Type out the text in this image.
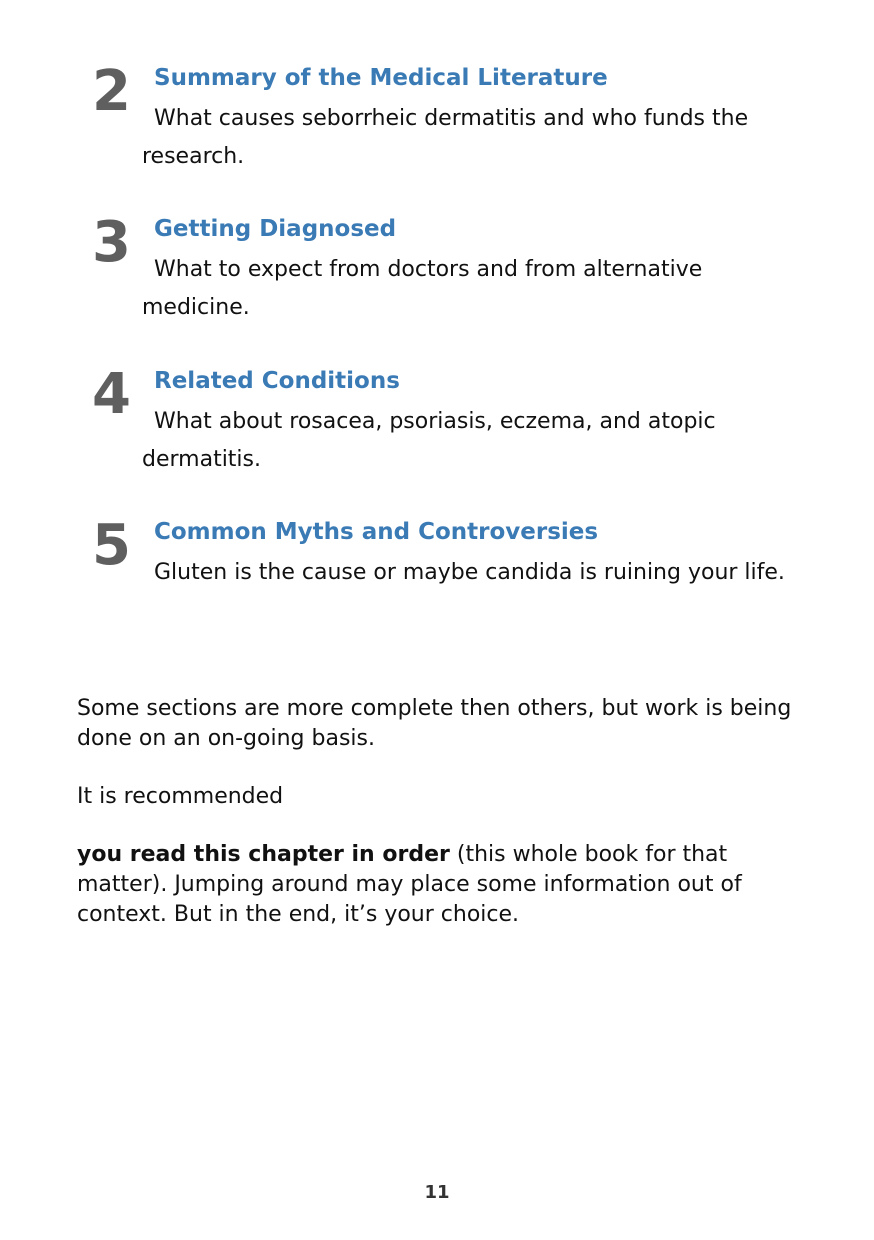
2 Summary of the Medical Literature
What causes seborrheic dermatitis and who funds the research.
3 Getting Diagnosed
What to expect from doctors and from alternative medicine.
4 Related Conditions
What about rosacea, psoriasis, eczema, and atopic dermatitis.
5 Common Myths and Controversies
Gluten is the cause or maybe candida is ruining your life.

Some sections are more complete then others, but work is being done on an on-going basis.

It is recommended

you read this chapter in order (this whole book for that matter). Jumping around may place some information out of context. But in the end, it’s your choice.

11
